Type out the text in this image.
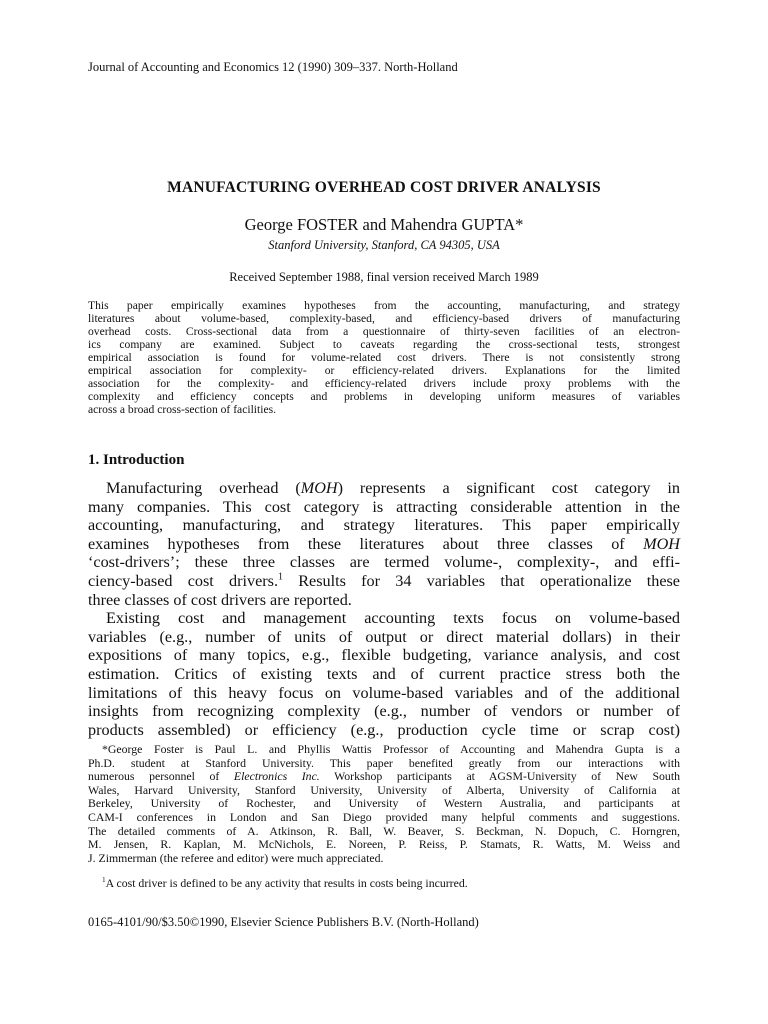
Journal of Accounting and Economics 12 (1990) 309–337. North-Holland
MANUFACTURING OVERHEAD COST DRIVER ANALYSIS
George FOSTER and Mahendra GUPTA*
Stanford University, Stanford, CA 94305, USA
Received September 1988, final version received March 1989
This paper empirically examines hypotheses from the accounting, manufacturing, and strategy
literatures about volume-based, complexity-based, and efficiency-based drivers of manufacturing
overhead costs. Cross-sectional data from a questionnaire of thirty-seven facilities of an electron-
ics company are examined. Subject to caveats regarding the cross-sectional tests, strongest
empirical association is found for volume-related cost drivers. There is not consistently strong
empirical association for complexity- or efficiency-related drivers. Explanations for the limited
association for the complexity- and efficiency-related drivers include proxy problems with the
complexity and efficiency concepts and problems in developing uniform measures of variables
across a broad cross-section of facilities.
1. Introduction
Manufacturing overhead (MOH) represents a significant cost category in
many companies. This cost category is attracting considerable attention in the
accounting, manufacturing, and strategy literatures. This paper empirically
examines hypotheses from these literatures about three classes of MOH
‘cost-drivers’; these three classes are termed volume-, complexity-, and effi-
ciency-based cost drivers.$^1$ Results for 34 variables that operationalize these
three classes of cost drivers are reported.
Existing cost and management accounting texts focus on volume-based
variables (e.g., number of units of output or direct material dollars) in their
expositions of many topics, e.g., flexible budgeting, variance analysis, and cost
estimation. Critics of existing texts and of current practice stress both the
limitations of this heavy focus on volume-based variables and of the additional
insights from recognizing complexity (e.g., number of vendors or number of
products assembled) or efficiency (e.g., production cycle time or scrap cost)
*George Foster is Paul L. and Phyllis Wattis Professor of Accounting and Mahendra Gupta is a
Ph.D. student at Stanford University. This paper benefited greatly from our interactions with
numerous personnel of Electronics Inc. Workshop participants at AGSM-University of New South
Wales, Harvard University, Stanford University, University of Alberta, University of California at
Berkeley, University of Rochester, and University of Western Australia, and participants at
CAM-I conferences in London and San Diego provided many helpful comments and suggestions.
The detailed comments of A. Atkinson, R. Ball, W. Beaver, S. Beckman, N. Dopuch, C. Horngren,
M. Jensen, R. Kaplan, M. McNichols, E. Noreen, P. Reiss, P. Stamats, R. Watts, M. Weiss and
J. Zimmerman (the referee and editor) were much appreciated.
$^1$A cost driver is defined to be any activity that results in costs being incurred.
0165-4101/90/$3.50©1990, Elsevier Science Publishers B.V. (North-Holland)
